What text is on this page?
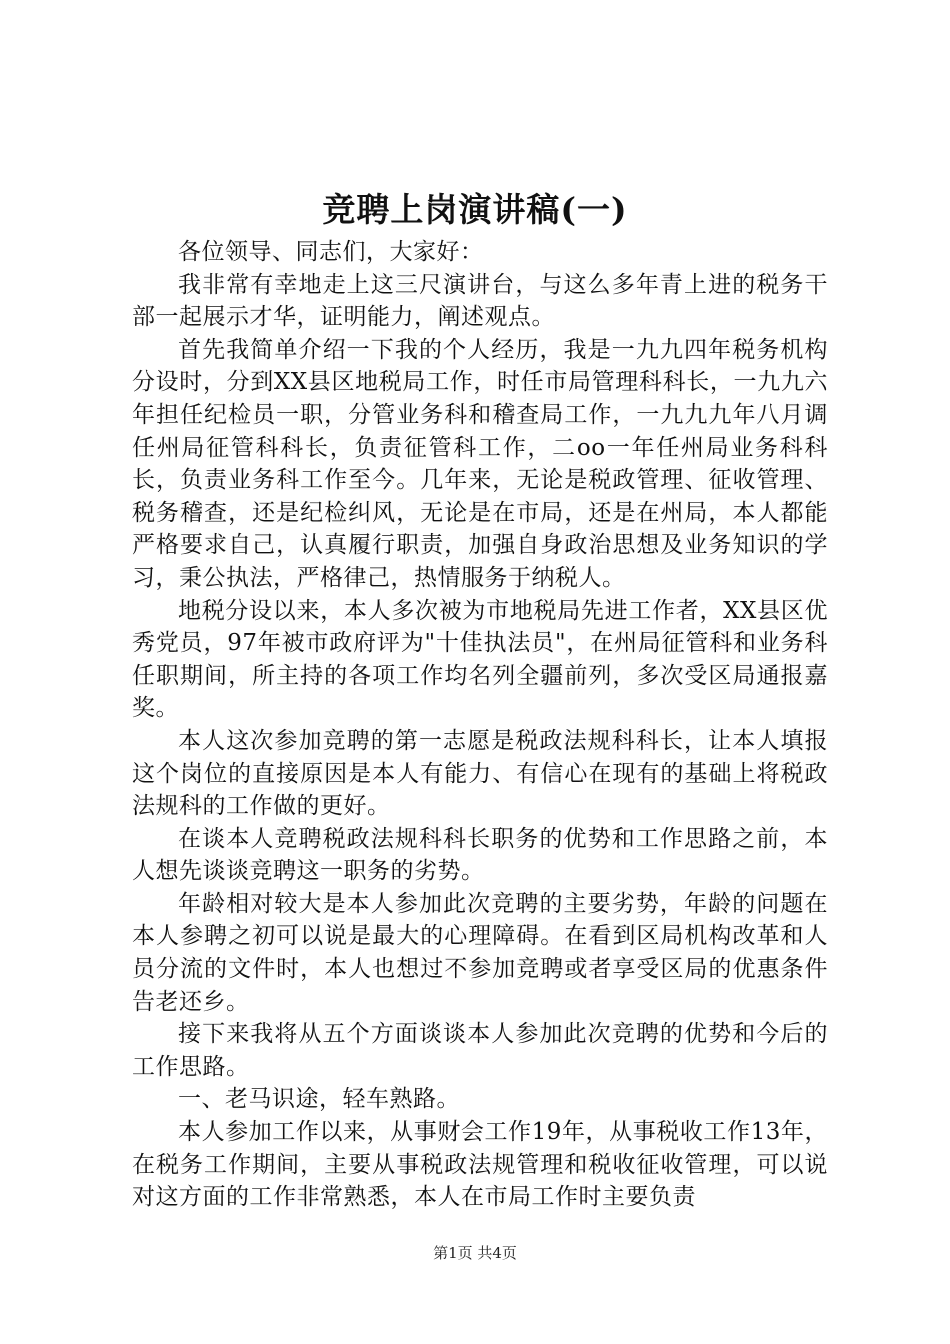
竞聘上岗演讲稿(一)

各位领导、同志们，大家好：

我非常有幸地走上这三尺演讲台，与这么多年青上进的税务干部一起展示才华，证明能力，阐述观点。

首先我简单介绍一下我的个人经历，我是一九九四年税务机构分设时，分到XX县区地税局工作，时任市局管理科科长，一九九六年担任纪检员一职，分管业务科和稽查局工作，一九九九年八月调任州局征管科科长，负责征管科工作，二oo一年任州局业务科科长，负责业务科工作至今。几年来，无论是税政管理、征收管理、税务稽查，还是纪检纠风，无论是在市局，还是在州局，本人都能严格要求自己，认真履行职责，加强自身政治思想及业务知识的学习，秉公执法，严格律己，热情服务于纳税人。

地税分设以来，本人多次被为市地税局先进工作者，XX县区优秀党员，97年被市政府评为"十佳执法员"，在州局征管科和业务科任职期间，所主持的各项工作均名列全疆前列，多次受区局通报嘉奖。

本人这次参加竞聘的第一志愿是税政法规科科长，让本人填报这个岗位的直接原因是本人有能力、有信心在现有的基础上将税政法规科的工作做的更好。

在谈本人竞聘税政法规科科长职务的优势和工作思路之前，本人想先谈谈竞聘这一职务的劣势。

年龄相对较大是本人参加此次竞聘的主要劣势，年龄的问题在本人参聘之初可以说是最大的心理障碍。在看到区局机构改革和人员分流的文件时，本人也想过不参加竞聘或者享受区局的优惠条件告老还乡。

接下来我将从五个方面谈谈本人参加此次竞聘的优势和今后的工作思路。

一、老马识途，轻车熟路。

本人参加工作以来，从事财会工作19年，从事税收工作13年，在税务工作期间，主要从事税政法规管理和税收征收管理，可以说对这方面的工作非常熟悉，本人在市局工作时主要负责

第1页 共4页
